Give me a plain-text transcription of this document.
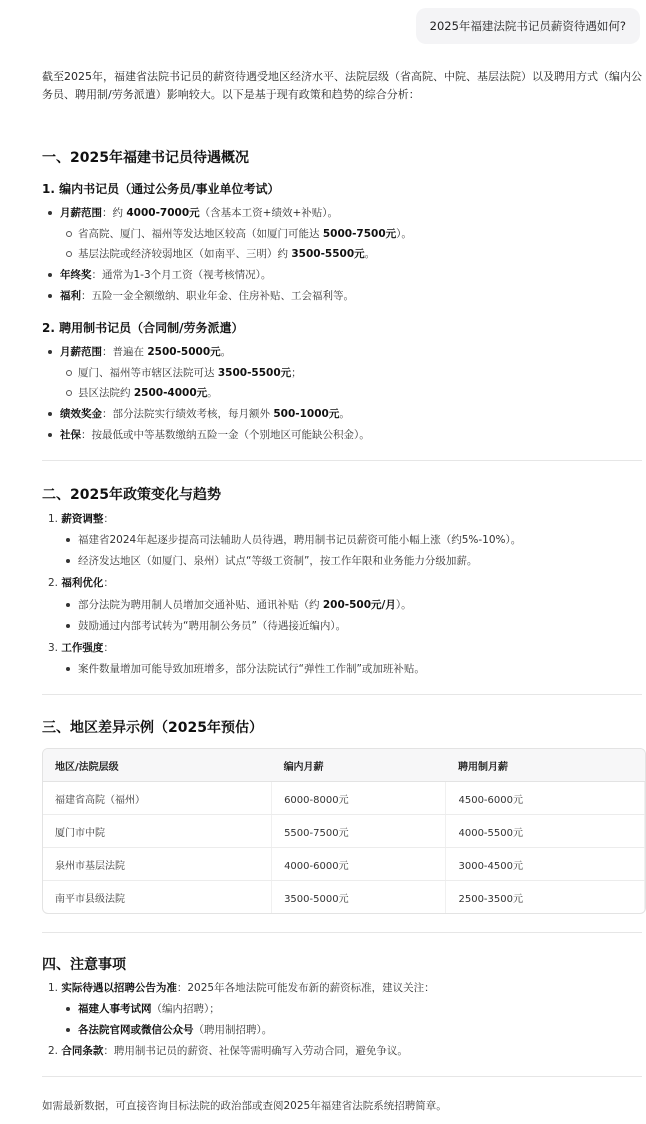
2025年福建法院书记员薪资待遇如何?
截至2025年，福建省法院书记员的薪资待遇受地区经济水平、法院层级（省高院、中院、基层法院）以及聘用方式（编内公务员、聘用制/劳务派遣）影响较大。以下是基于现有政策和趋势的综合分析：
一、2025年福建书记员待遇概况
1. 编内书记员（通过公务员/事业单位考试）
月薪范围：约 4000-7000元（含基本工资+绩效+补贴）。
省高院、厦门、福州等发达地区较高（如厦门可能达 5000-7500元）。
基层法院或经济较弱地区（如南平、三明）约 3500-5500元。
年终奖：通常为1-3个月工资（视考核情况）。
福利：五险一金全额缴纳、职业年金、住房补贴、工会福利等。
2. 聘用制书记员（合同制/劳务派遣）
月薪范围：普遍在 2500-5000元。
厦门、福州等市辖区法院可达 3500-5500元；
县区法院约 2500-4000元。
绩效奖金：部分法院实行绩效考核，每月额外 500-1000元。
社保：按最低或中等基数缴纳五险一金（个别地区可能缺公积金）。
二、2025年政策变化与趋势
1. 薪资调整：
福建省2024年起逐步提高司法辅助人员待遇，聘用制书记员薪资可能小幅上涨（约5%-10%）。
经济发达地区（如厦门、泉州）试点“等级工资制”，按工作年限和业务能力分级加薪。
2. 福利优化：
部分法院为聘用制人员增加交通补贴、通讯补贴（约 200-500元/月）。
鼓励通过内部考试转为“聘用制公务员”（待遇接近编内）。
3. 工作强度：
案件数量增加可能导致加班增多，部分法院试行“弹性工作制”或加班补贴。
三、地区差异示例（2025年预估）
地区/法院层级	编内月薪	聘用制月薪
福建省高院（福州）	6000-8000元	4500-6000元
厦门市中院	5500-7500元	4000-5500元
泉州市基层法院	4000-6000元	3000-4500元
南平市县级法院	3500-5000元	2500-3500元
四、注意事项
1. 实际待遇以招聘公告为准：2025年各地法院可能发布新的薪资标准，建议关注：
福建人事考试网（编内招聘）；
各法院官网或微信公众号（聘用制招聘）。
2. 合同条款：聘用制书记员的薪资、社保等需明确写入劳动合同，避免争议。
如需最新数据，可直接咨询目标法院的政治部或查阅2025年福建省法院系统招聘简章。
